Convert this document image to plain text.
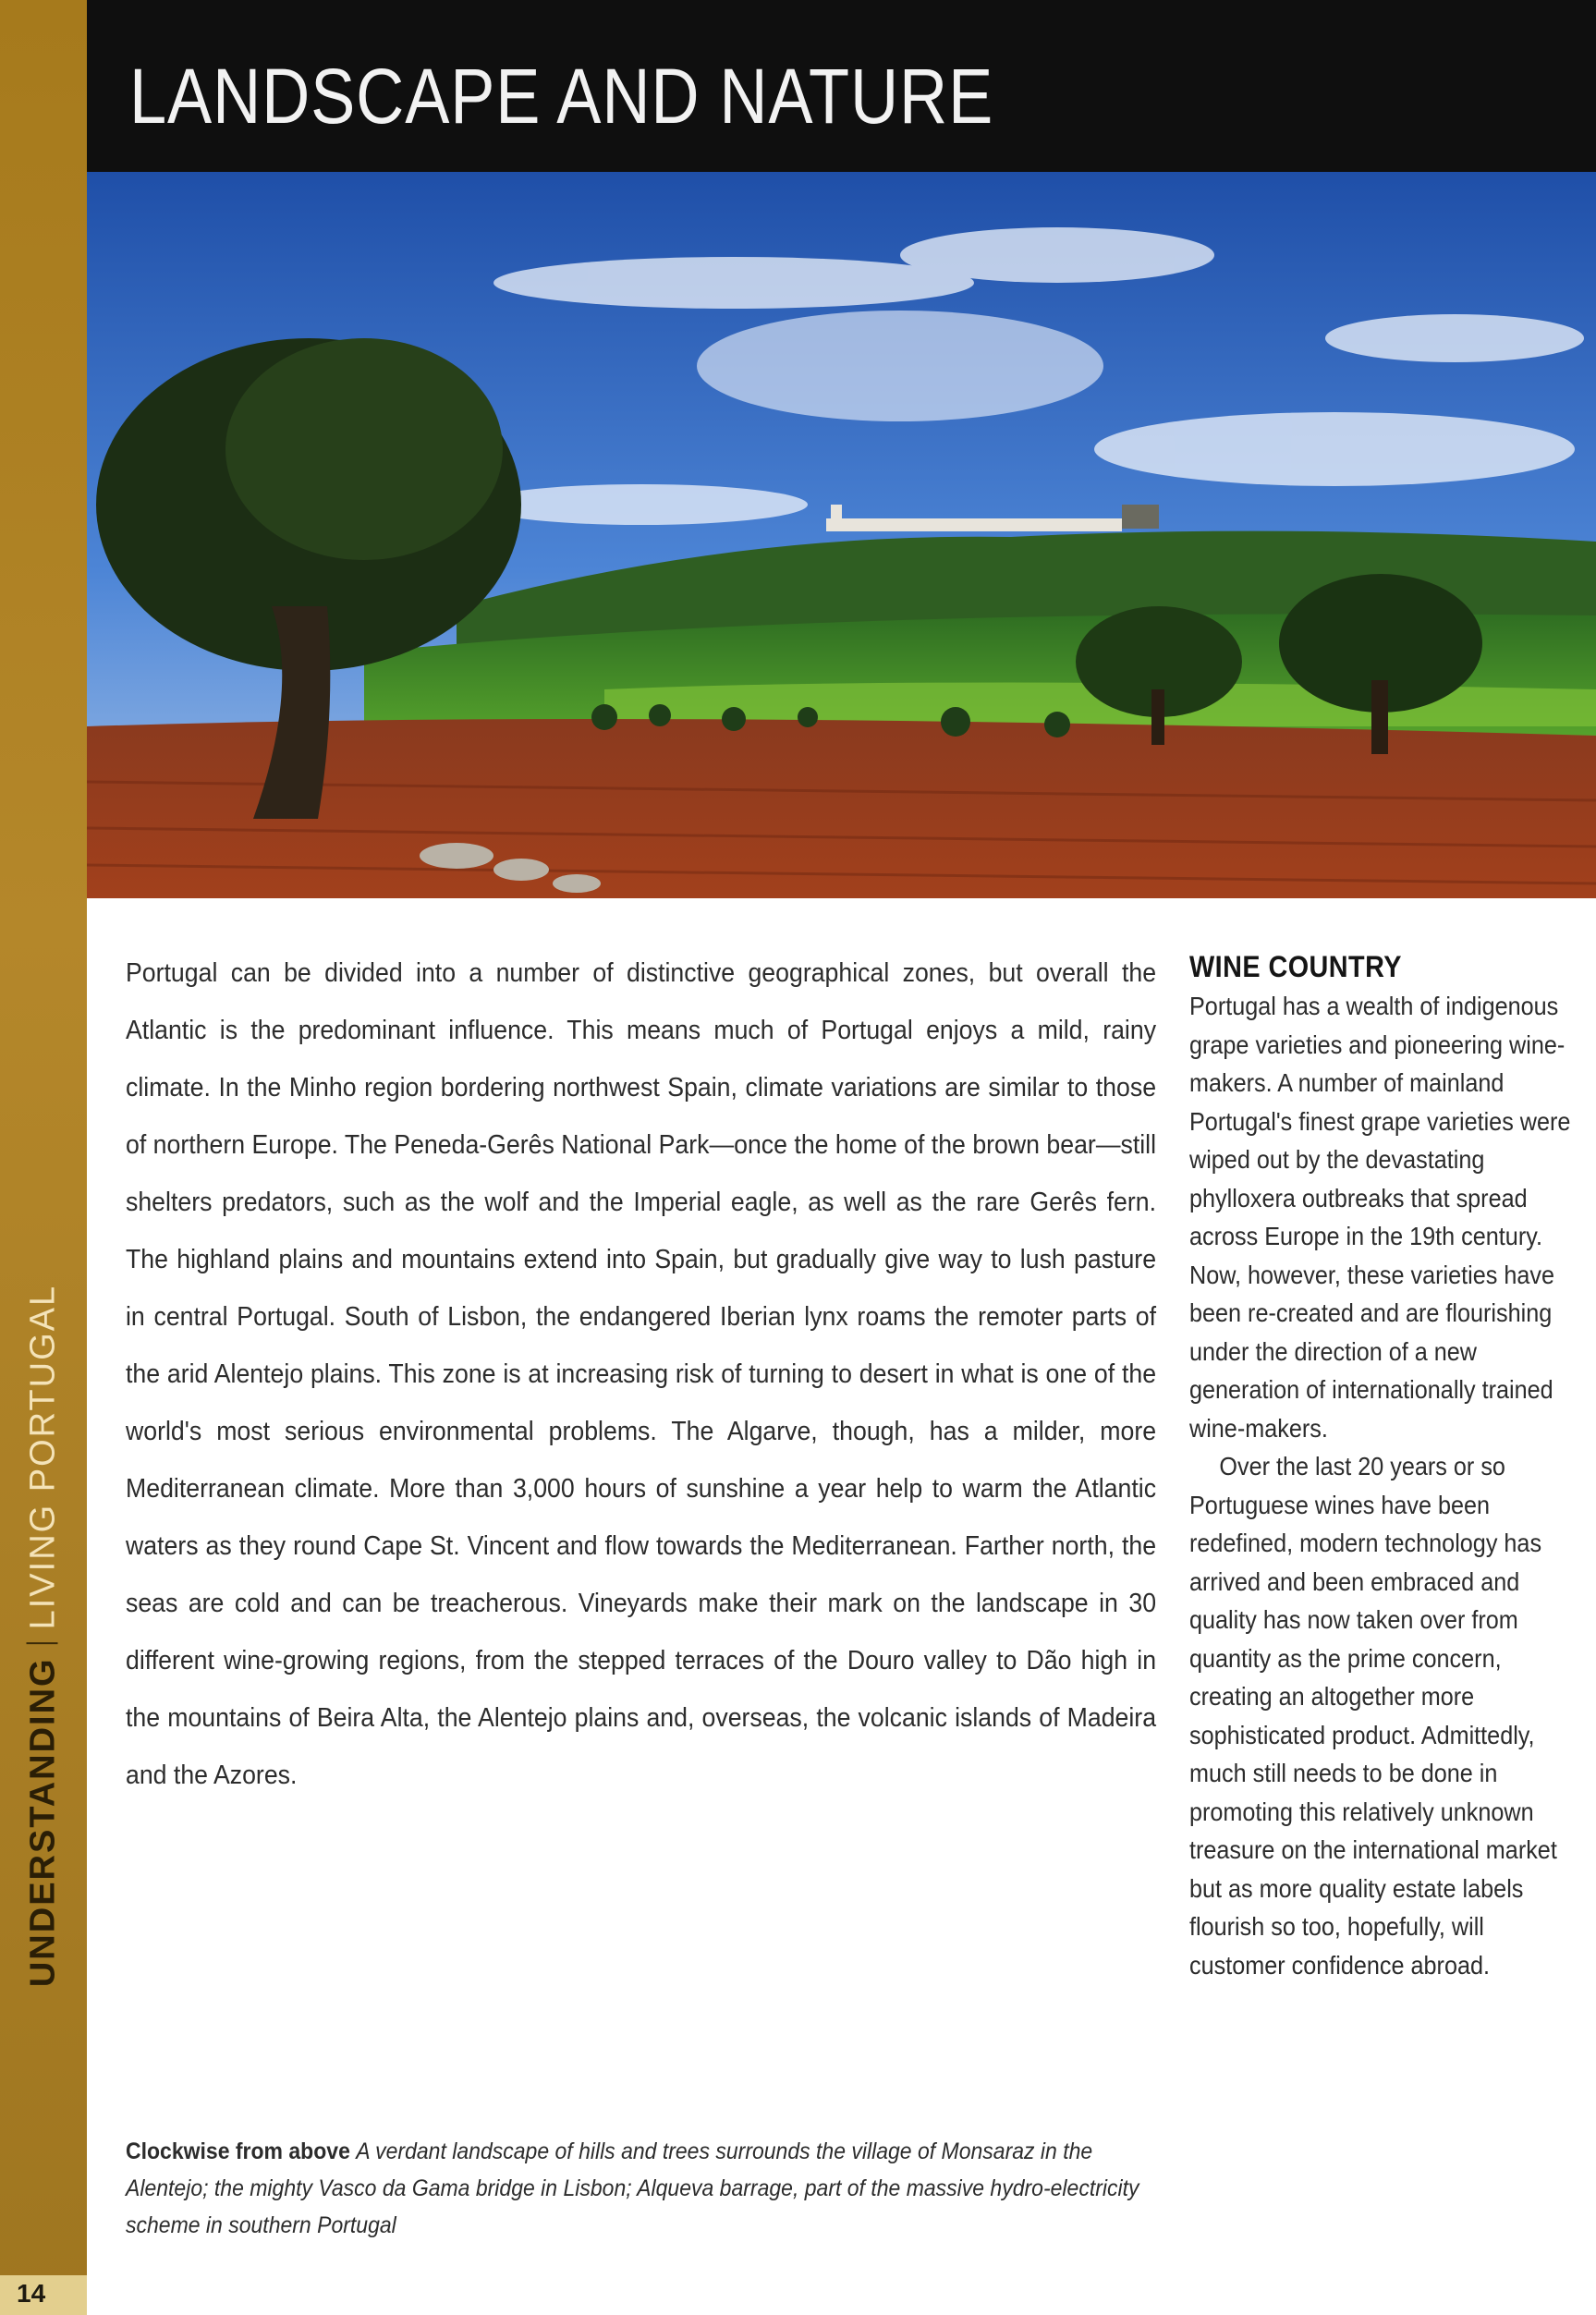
UNDERSTANDINGLIVING PORTUGAL
14
LANDSCAPE AND NATURE
Portugal can be divided into a number of distinctive geographical zones, but overall the Atlantic is the predominant influence. This means much of Portugal enjoys a mild, rainy climate. In the Minho region bordering northwest Spain, climate variations are similar to those of northern Europe. The Peneda-Gerês National Park—once the home of the brown bear—still shelters predators, such as the wolf and the Imperial eagle, as well as the rare Gerês fern. The highland plains and mountains extend into Spain, but gradually give way to lush pasture in central Portugal. South of Lisbon, the endangered Iberian lynx roams the remoter parts of the arid Alentejo plains. This zone is at increasing risk of turning to desert in what is one of the world's most serious environmental problems. The Algarve, though, has a milder, more Mediterranean climate. More than 3,000 hours of sunshine a year help to warm the Atlantic waters as they round Cape St. Vincent and flow towards the Mediterranean. Farther north, the seas are cold and can be treacherous. Vineyards make their mark on the landscape in 30 different wine-growing regions, from the stepped terraces of the Douro valley to Dão high in the mountains of Beira Alta, the Alentejo plains and, overseas, the volcanic islands of Madeira and the Azores.
WINE COUNTRY

Portugal has a wealth of indigenous grape varieties and pioneering wine-makers. A number of mainland Portugal's finest grape varieties were wiped out by the devastating phylloxera outbreaks that spread across Europe in the 19th century. Now, however, these varieties have been re-created and are flourishing under the direction of a new generation of internationally trained wine-makers.

Over the last 20 years or so Portuguese wines have been redefined, modern technology has arrived and been embraced and quality has now taken over from quantity as the prime concern, creating an altogether more sophisticated product. Admittedly, much still needs to be done in promoting this relatively unknown treasure on the international market but as more quality estate labels flourish so too, hopefully, will customer confidence abroad.

Clockwise from above A verdant landscape of hills and trees surrounds the village of Monsaraz in the Alentejo; the mighty Vasco da Gama bridge in Lisbon; Alqueva barrage, part of the massive hydro-electricity scheme in southern Portugal
